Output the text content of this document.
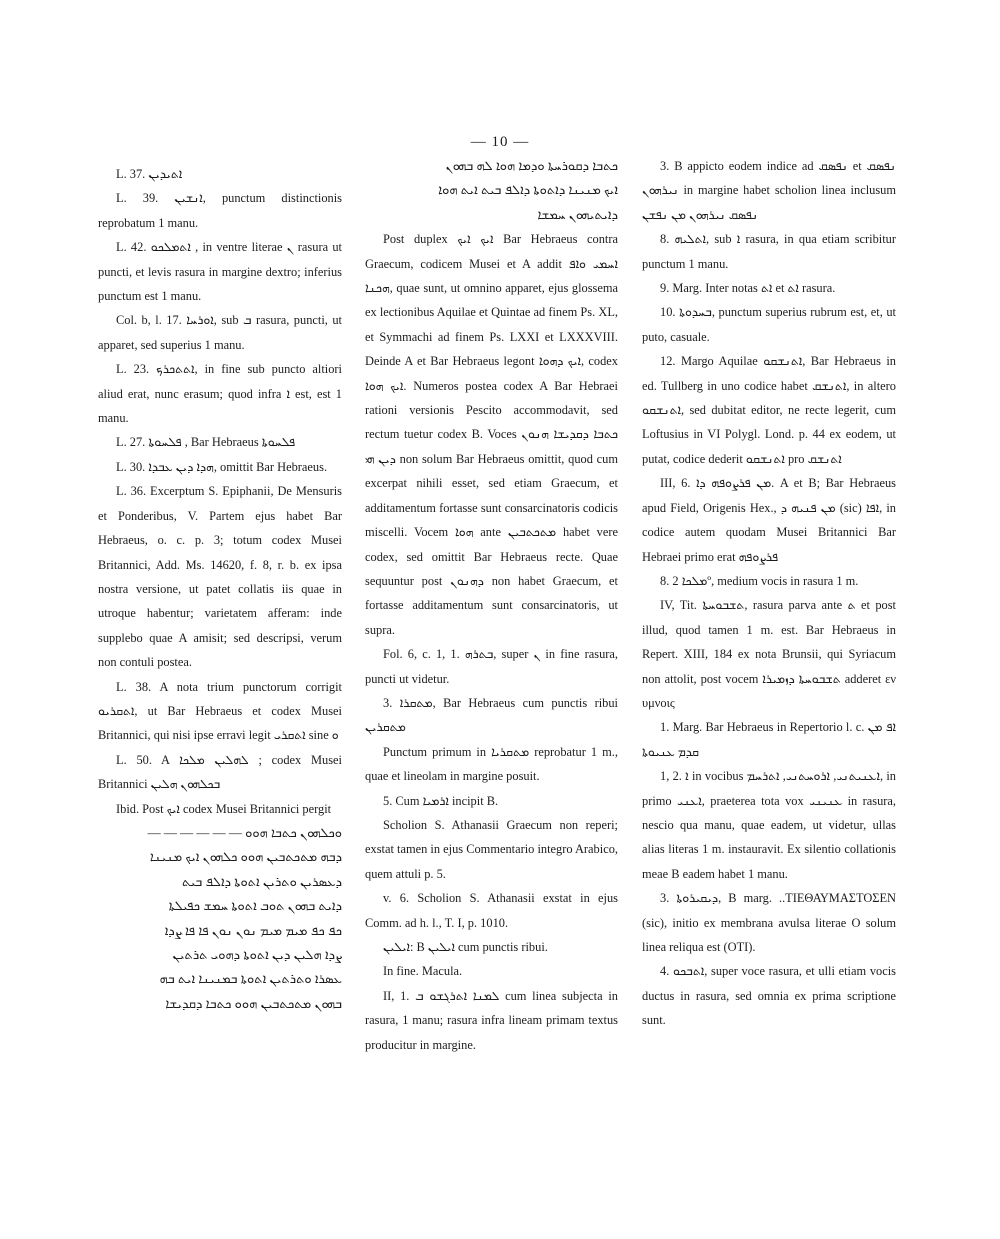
— 10 —

L. 37. ܐܬܝܕܝܢ

L. 39. ܐܢܫܝܢ, punctum distinctionis reprobatum 1 manu.

L. 42. ܐܬܡܠܟܘ , in ventre literae ܢ rasura ut puncti, et levis rasura in margine dextro; inferius punctum est 1 manu.

Col. b, l. 17. ܐܘܪܚܐ, sub ܒ rasura, puncti, ut apparet, sed superius 1 manu.

L. 23. ܐܬܬܟܪܟ, in fine sub puncto altiori aliud erat, nunc erasum; quod infra ܐ est, est 1 manu.

L. 27. ܦܠܚܘܬܐ , Bar Hebraeus ܦܠܚܘܬܐ

L. 30. ܗܕܐ ܕܝܢ ܥܒܕܐ, omittit Bar Hebraeus.

L. 36. Excerptum S. Epiphanii, De Mensuris et Ponderibus, V. Partem ejus habet Bar Hebraeus, o. c. p. 3; totum codex Musei Britannici, Add. Ms. 14620, f. 8, r. b. ex ipsa nostra versione, ut patet collatis iis quae in utroque habentur; varietatem afferam: inde supplebo quae A amisit; sed descripsi, verum non contuli postea.

L. 38. A nota trium punctorum corrigit ܐܬܩܪܝܘ, ut Bar Hebraeus et codex Musei Britannici, qui nisi ipse erravi legit ܐܬܩܪܝ sine ܘ

L. 50. A ܠܗܠܝܢ ܡܠܟܐ ; codex Musei Britannici ܒܟܠܗܘܢ ܗܠܝܢ

Ibid. Post ܐܝܟ codex Musei Britannici pergit

ܘܟܠܗܘܢ ܟܬܒܐ ܗܘܘ — — — — — —
ܕܒܗ ܡܬܟܬܒܝܢ ܗܘܘ ܟܠܗܘܢ ܐܝܟ ܡܢܝܢܐ
ܕܥܣܪܝܢ ܘܬܪܝܢ ܐܬܘܬܐ ܕܐܠܦ ܒܝܬ
ܕܐܝܬ ܒܗܘܢ ܬܘܒ ܐܬܘܬܐ ܚܡܫ ܟܦܝܠܬܐ
ܟܦ ܟܦ ܡܝܡ ܡܝܡ ܢܘܢ ܢܘܢ ܦܐ ܦܐ ܨܕܐ
ܨܕܐ ܗܠܝܢ ܕܝܢ ܐܬܘܬܐ ܕܗܘܝ ܬܪܬܝܢ
ܥܣܪܐ ܘܬܪܬܝܢ ܐܬܘܬܐ ܒܡܢܝܢܐ ܐܝܬ ܒܗ
ܒܗܘܢ ܡܬܟܬܒܝܢ ܗܘܘ ܟܬܒܐ ܕܩܕܝܫܐ
ܟܬܒܐ ܕܩܘܪܚܬܐ ܘܕܡܐ ܗܘܐ ܠܗ ܒܗܘܢ
ܐܝܟ ܡܢܝܢܐ ܕܐܬܘܬܐ ܕܐܠܦ ܒܝܬ ܐܝܬ ܗܘܐ
ܕܐܝܬܝܗܘܢ ܚܡܫܐ

Post duplex ܐܝܟ ܐܝܟ Bar Hebraeus contra Graecum, codicem Musei et A addit ܐܚܡܝ ܘܐܦ ܗܟܢܐ, quae sunt, ut omnino apparet, ejus glossema ex lectionibus Aquilae et Quintae ad finem Ps. XL, et Symmachi ad finem Ps. LXXI et LXXXVIII. Deinde A et Bar Hebraeus legont ܐܝܟ ܕܗܘܐ, codex ܐܝܟ ܗܘܐ. Numeros postea codex A Bar Hebraei rationi versionis Pescito accommodavit, sed rectum tuetur codex B. Voces ܟܬܒܐ ܕܩܕܝܫܐ ܗܢܘܢ ܕܝܢ ܗܝ non solum Bar Hebraeus omittit, quod cum excerpat nihili esset, sed etiam Graecum, et additamentum fortasse sunt consarcinatoris codicis miscelli. Vocem ܗܘܐ ante ܡܬܟܬܒܝܢ habet vere codex, sed omittit Bar Hebraeus recte. Quae sequuntur post ܕܗܢܘܢ non habet Graecum, et fortasse additamentum sunt consarcinatoris, ut supra.

Fol. 6, c. 1, 1. ܒܬܪܗ, super ܢ in fine rasura, puncti ut videtur.

3. ܡܬܩܪܐ, Bar Hebraeus cum punctis ribui ܡܬܩܪܝܢ

Punctum primum in ܡܬܩܪܝܐ reprobatur 1 m., quae et lineolam in margine posuit.

5. Cum ܐܪܡܝܐ incipit B.

Scholion S. Athanasii Graecum non reperi; exstat tamen in ejus Commentario integro Arabico, quem attuli p. 5.

v. 6. Scholion S. Athanasii exstat in ejus Comm. ad h. l., T. I, p. 1010.

ܐܝܠܝܢ: B ܐܝܠܝܢ cum punctis ribui.

In fine. Macula.

II, 1. ܠܡܢܐ ܐܬܪܓܫܘ ܒ cum linea subjecta in rasura, 1 manu; rasura infra lineam primam textus producitur in margine.

3. B appicto eodem indice ad ܢܦܣܩ et ܢܦܣܩ ܢܝܪܗܘܢ in margine habet scholion linea inclusum ܢܦܣܩ ܢܝܪܗܘܢ ܡܢ ܢܦܫܢ

8. ܐܬܠܝܗ, sub ܐ rasura, in qua etiam scribitur punctum 1 manu.

9. Marg. Inter notas ܐܬ et ܐܬ rasura.

10. ܒܚܕܘܬܐ, punctum superius rubrum est, et, ut puto, casuale.

12. Margo Aquilae ܐܬܢܫܩܘ, Bar Hebraeus in ed. Tullberg in uno codice habet ܐܬܢܫܩ, in altero ܐܬܢܫܩܘ, sed dubitat editor, ne recte legerit, cum Loftusius in VI Polygl. Lond. p. 44 ex eodem, ut putat, codice dederit ܐܬܢܫܩܘ pro ܐܬܢܫܩ

III, 6. ܡܢ ܦܪܨܘܦܗ ܕܐ. A et B; Bar Hebraeus apud Field, Origenis Hex., ܡܢ ܦܢܝܗ ܕ (sic) ܐܦܐ, in codice autem quodam Musei Britannici Bar Hebraei primo erat ܦܪܨܘܦܗ

8. ܡܠܟܐ 2º, medium vocis in rasura 1 m.

IV, Tit. ܬܫܒܘܚܬܐ, rasura parva ante ܬ et post illud, quod tamen 1 m. est. Bar Hebraeus in Repert. XIII, 184 ex nota Brunsii, qui Syriacum non attolit, post vocem ܬܫܒܘܚܬܐ ܕܙܡܝܪܐ adderet εν υμνοις

1. Marg. Bar Hebraeus in Repertorio l. c. ܐܦ ܡܢ ܩܕܡ ܥܢܝܘܬܐ

1, 2. ܐ in vocibus ܐܥܢܝܬܢܝ, ܐܪܘܚܬܢܝ, ܐܬܪܚܡ, in primo ܐܥܢܝ, praeterea tota vox ܥܢܝܢܝ in rasura, nescio qua manu, quae eadem, ut videtur, ullas alias literas 1 m. instauravit. Ex silentio collationis meae B eadem habet 1 manu.

3. ܕܝܩܝܪܘܬܐ, B marg. ..ΤΙΕΘΑΥΜΑΣΤΟΣΕΝ (sic), initio ex membrana avulsa literae Ο solum linea reliqua est (ΟΤΙ).

4. ܐܬܒܟܘ, super voce rasura, et ulli etiam vocis ductus in rasura, sed omnia ex prima scriptione sunt.
